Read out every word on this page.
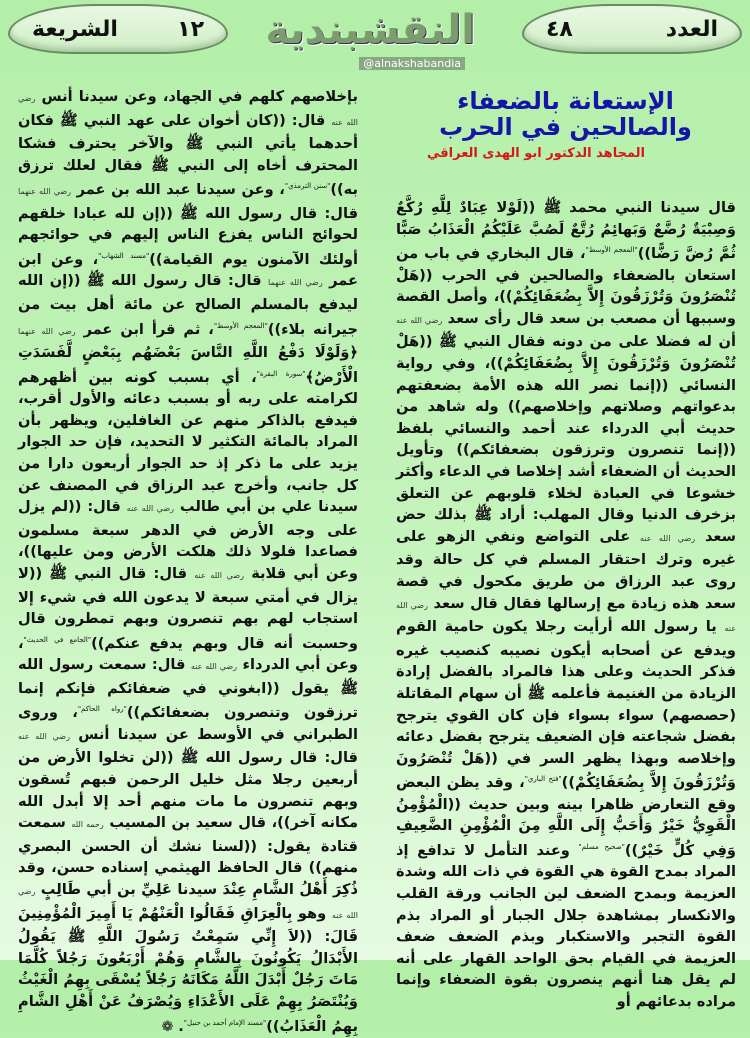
العدد
٤٨
النقشبندية
@alnakshabandia
١٢
الشريعة
الإستعانة بالضعفاء والصالحين في الحرب
المجاهد الدكتور ابو الهدى العراقي
قال سيدنا النبي محمد ﷺ ((لَوْلا عِبَادٌ لِلَّهِ رُكَّعٌ وَصِبْيَةٌ رُضَّعٌ وَبَهائِمُ رُتَّعٌ لَصُبَّ عَلَيْكُمُ الْعَذَابُ صَبًّا ثُمَّ رُضَّ رَضًّا))$^{"المعجم الأوسط"}$، قال البخاري في باب من استعان بالضعفاء والصالحين في الحرب ((هَلْ تُنْصَرُونَ وَتُرْزَقُونَ إِلاَّ بِضُعَفَائِكُمْ))، وأصل القصة وسببها أن مصعب بن سعد قال رأى سعد رضي الله عنه أن له فضلا على من دونه فقال النبي ﷺ ((هَلْ تُنْصَرُونَ وَتُرْزَقُونَ إِلاَّ بِضُعَفَائِكُمْ))، وفي رواية النسائي ((إنما نصر الله هذه الأمة بضعفتهم بدعواتهم وصلاتهم وإخلاصهم)) وله شاهد من حديث أبي الدرداء عند أحمد والنسائي بلفظ ((إنما تنصرون وترزقون بضعفائكم)) وتأويل الحديث أن الضعفاء أشد إخلاصا في الدعاء وأكثر خشوعا في العبادة لخلاء قلوبهم عن التعلق بزخرف الدنيا وقال المهلب: أراد ﷺ بذلك حض سعد رضي الله عنه على التواضع ونفي الزهو على غيره وترك احتقار المسلم في كل حالة وقد روى عبد الرزاق من طريق مكحول في قصة سعد هذه زيادة مع إرسالها فقال قال سعد رضي الله عنه يا رسول الله أرأيت رجلا يكون حامية القوم ويدفع عن أصحابه أيكون نصيبه كنصيب غيره فذكر الحديث وعلى هذا فالمراد بالفضل إرادة الزيادة من الغنيمة فأعلمه ﷺ أن سهام المقاتلة (حصصهم) سواء بسواء فإن كان القوي يترجح بفضل شجاعته فإن الضعيف يترجح بفضل دعائه وإخلاصه وبهذا يظهر السر في ((هَلْ تُنْصَرُونَ وَتُرْزَقُونَ إِلاَّ بِضُعَفَائِكُمْ))$^{"فتح الباري"}$، وقد يظن البعض وقع التعارض ظاهرا بينه وبين حديث ((الْمُؤْمِنُ الْقَوِيُّ خَيْرٌ وَأَحَبُّ إِلَى اللَّهِ مِنَ الْمُؤْمِنِ الضَّعِيفِ وَفِي كُلٍّ خَيْرٌ))$^{"صحيح مسلم"}$ وعند التأمل لا تدافع إذ المراد بمدح القوة هي القوة في ذات الله وشدة العزيمة وبمدح الضعف لين الجانب ورقة القلب والانكسار بمشاهدة جلال الجبار أو المراد بذم القوة التجبر والاستكبار وبذم الضعف ضعف العزيمة في القيام بحق الواحد القهار على أنه لم يقل هنا أنهم ينصرون بقوة الضعفاء وإنما مراده بدعائهم أو
بإخلاصهم كلهم في الجهاد، وعن سيدنا أنس رضي الله عنه قال: ((كان أخوان على عهد النبي ﷺ فكان أحدهما يأتي النبي ﷺ والآخر يحترف فشكا المحترف أخاه إلى النبي ﷺ فقال لعلك ترزق به))$^{"سنن الترمذي"}$، وعن سيدنا عبد الله بن عمر رضي الله عنهما قال: قال رسول الله ﷺ ((إن لله عبادا خلقهم لحوائج الناس يفزع الناس إليهم في حوائجهم أولئك الآمنون يوم القيامة))$^{"مسند الشهاب"}$، وعن ابن عمر رضي الله عنهما قال: قال رسول الله ﷺ ((إن الله ليدفع بالمسلم الصالح عن مائة أهل بيت من جيرانه بلاء))$^{"المعجم الأوسط"}$، ثم قرأ ابن عمر رضي الله عنهما ﴿وَلَوْلَا دَفْعُ اللَّهِ النَّاسَ بَعْضَهُم بِبَعْضٍ لَّفَسَدَتِ الْأَرْضُ﴾$^{"سورة البقرة"}$، أي بسبب كونه بين أظهرهم لكرامته على ربه أو بسبب دعائه والأول أقرب، فيدفع بالذاكر منهم عن الغافلين، ويظهر بأن المراد بالمائة التكثير لا التحديد، فإن حد الجوار يزيد على ما ذكر إذ حد الجوار أربعون دارا من كل جانب، وأخرج عبد الرزاق في المصنف عن سيدنا علي بن أبي طالب رضي الله عنه قال: ((لم يزل على وجه الأرض في الدهر سبعة مسلمون فصاعدا فلولا ذلك هلكت الأرض ومن عليها))، وعن أبي قلابة رضي الله عنه قال: قال النبي ﷺ ((لا يزال في أمتي سبعة لا يدعون الله في شيء إلا استجاب لهم بهم تنصرون وبهم تمطرون قال وحسبت أنه قال وبهم يدفع عنكم))$^{"الجامع في الحديث"}$، وعن أبي الدرداء رضي الله عنه قال: سمعت رسول الله ﷺ يقول ((ابغوني في ضعفائكم فإنكم إنما ترزقون وتنصرون بضعفائكم))$^{"رواه الحاكم"}$، وروى الطبراني في الأوسط عن سيدنا أنس رضي الله عنه قال: قال رسول الله ﷺ ((لن تخلوا الأرض من أربعين رجلا مثل خليل الرحمن فبهم تُسقون وبهم تنصرون ما مات منهم أحد إلا أبدل الله مكانه آخر))، قال سعيد بن المسيب رحمه الله سمعت قتادة يقول: ((لسنا نشك أن الحسن البصري منهم)) قال الحافظ الهيثمي إسناده حسن، وقد ذُكِرَ أَهْلُ الشَّامِ عِنْدَ سيدنا عَلِيِّ بن أبي طَالِبٍ رضي الله عنه وهو بِالْعِرَاقِ فَقَالُوا الْعَنْهُمْ يَا أَمِيرَ الْمُؤْمِنِينَ قَالَ: ((لاَ إِنِّي سَمِعْتُ رَسُولَ اللَّهِ ﷺ يَقُولُ الأَبْدَالُ يَكُونُونَ بِالشَّامِ وَهُمْ أَرْبَعُونَ رَجُلاً كُلَّمَا مَاتَ رَجُلٌ أَبْدَلَ اللَّهُ مَكَانَهُ رَجُلاً يُسْقَى بِهِمُ الْغَيْثُ وَيُنْتَصَرُ بِهِمْ عَلَى الأَعْدَاءِ وَيُصْرَفُ عَنْ أَهْلِ الشَّامِ بِهِمُ الْعَذَابُ))$^{"مسند الإمام أحمد بن حنبل"}$. ❁
